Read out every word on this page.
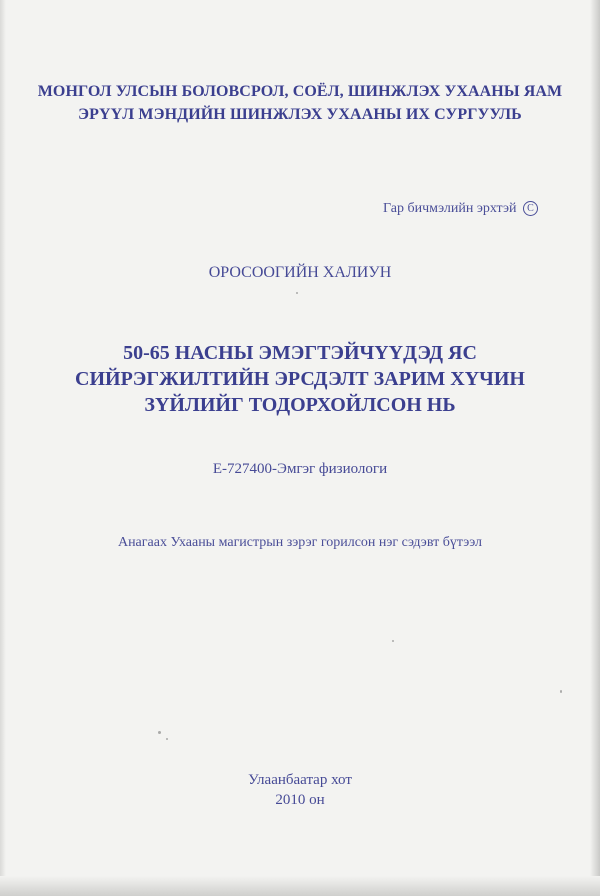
МОНГОЛ УЛСЫН БОЛОВСРОЛ, СОЁЛ, ШИНЖЛЭХ УХААНЫ ЯАМ
ЭРҮҮЛ МЭНДИЙН ШИНЖЛЭХ УХААНЫ ИХ СУРГУУЛЬ
Гар бичмэлийн эрхтэй C
ОРОСООГИЙН ХАЛИУН
50-65 НАСНЫ ЭМЭГТЭЙЧҮҮДЭД ЯС
СИЙРЭГЖИЛТИЙН ЭРСДЭЛТ ЗАРИМ ХҮЧИН
ЗҮЙЛИЙГ ТОДОРХОЙЛСОН НЬ
Е-727400-Эмгэг физиологи
Анагаах Ухааны магистрын зэрэг горилсон нэг сэдэвт бүтээл
Улаанбаатар хот
2010 он
